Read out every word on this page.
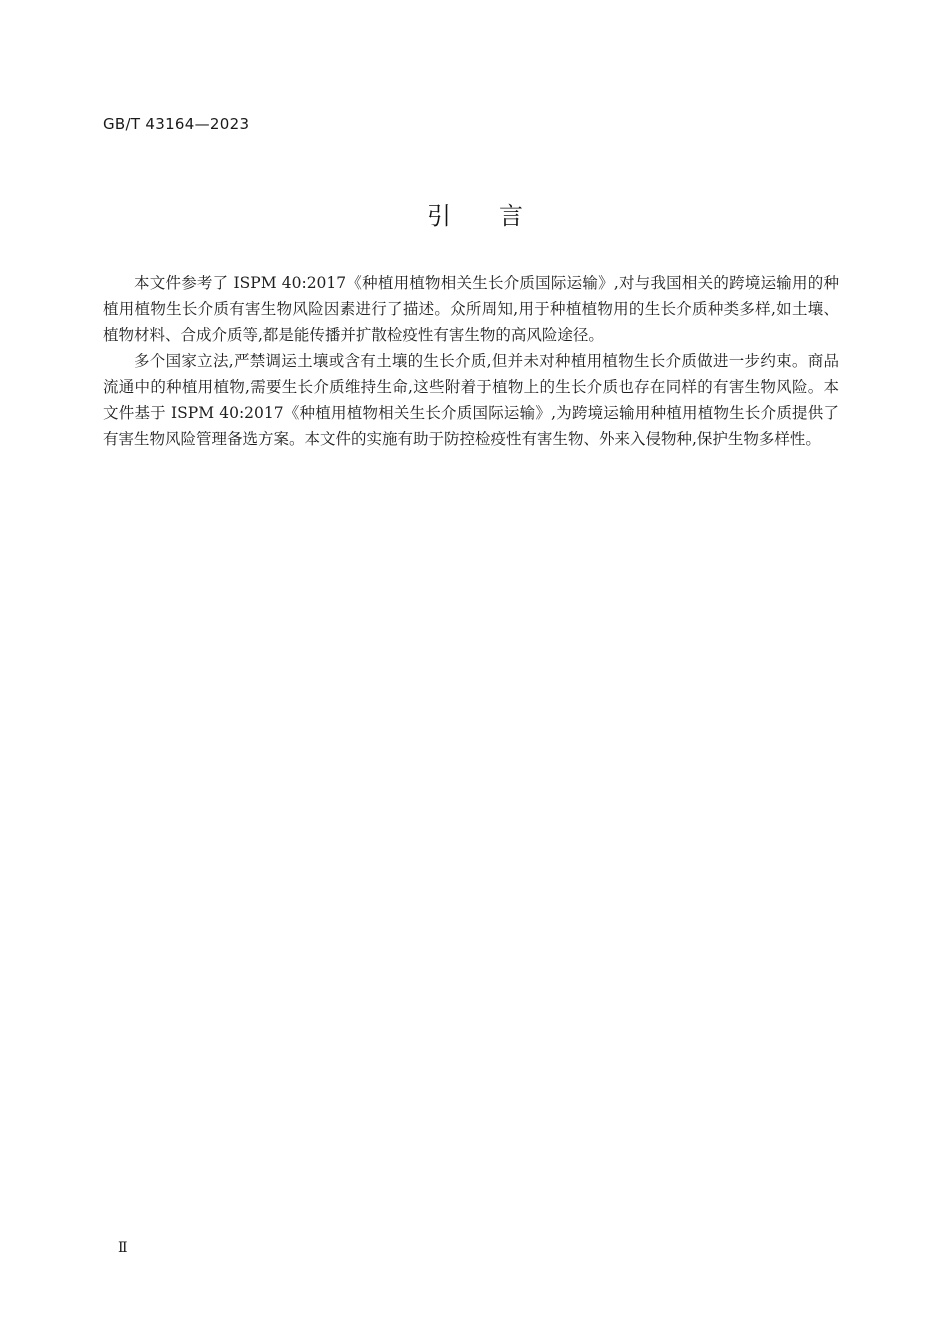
GB/T 43164—2023
引言

本文件参考了 ISPM 40:2017《种植用植物相关生长介质国际运输》,对与我国相关的跨境运输用的种植用植物生长介质有害生物风险因素进行了描述。众所周知,用于种植植物用的生长介质种类多样,如土壤、植物材料、合成介质等,都是能传播并扩散检疫性有害生物的高风险途径。

多个国家立法,严禁调运土壤或含有土壤的生长介质,但并未对种植用植物生长介质做进一步约束。商品流通中的种植用植物,需要生长介质维持生命,这些附着于植物上的生长介质也存在同样的有害生物风险。本文件基于 ISPM 40:2017《种植用植物相关生长介质国际运输》,为跨境运输用种植用植物生长介质提供了有害生物风险管理备选方案。本文件的实施有助于防控检疫性有害生物、外来入侵物种,保护生物多样性。

Ⅱ
